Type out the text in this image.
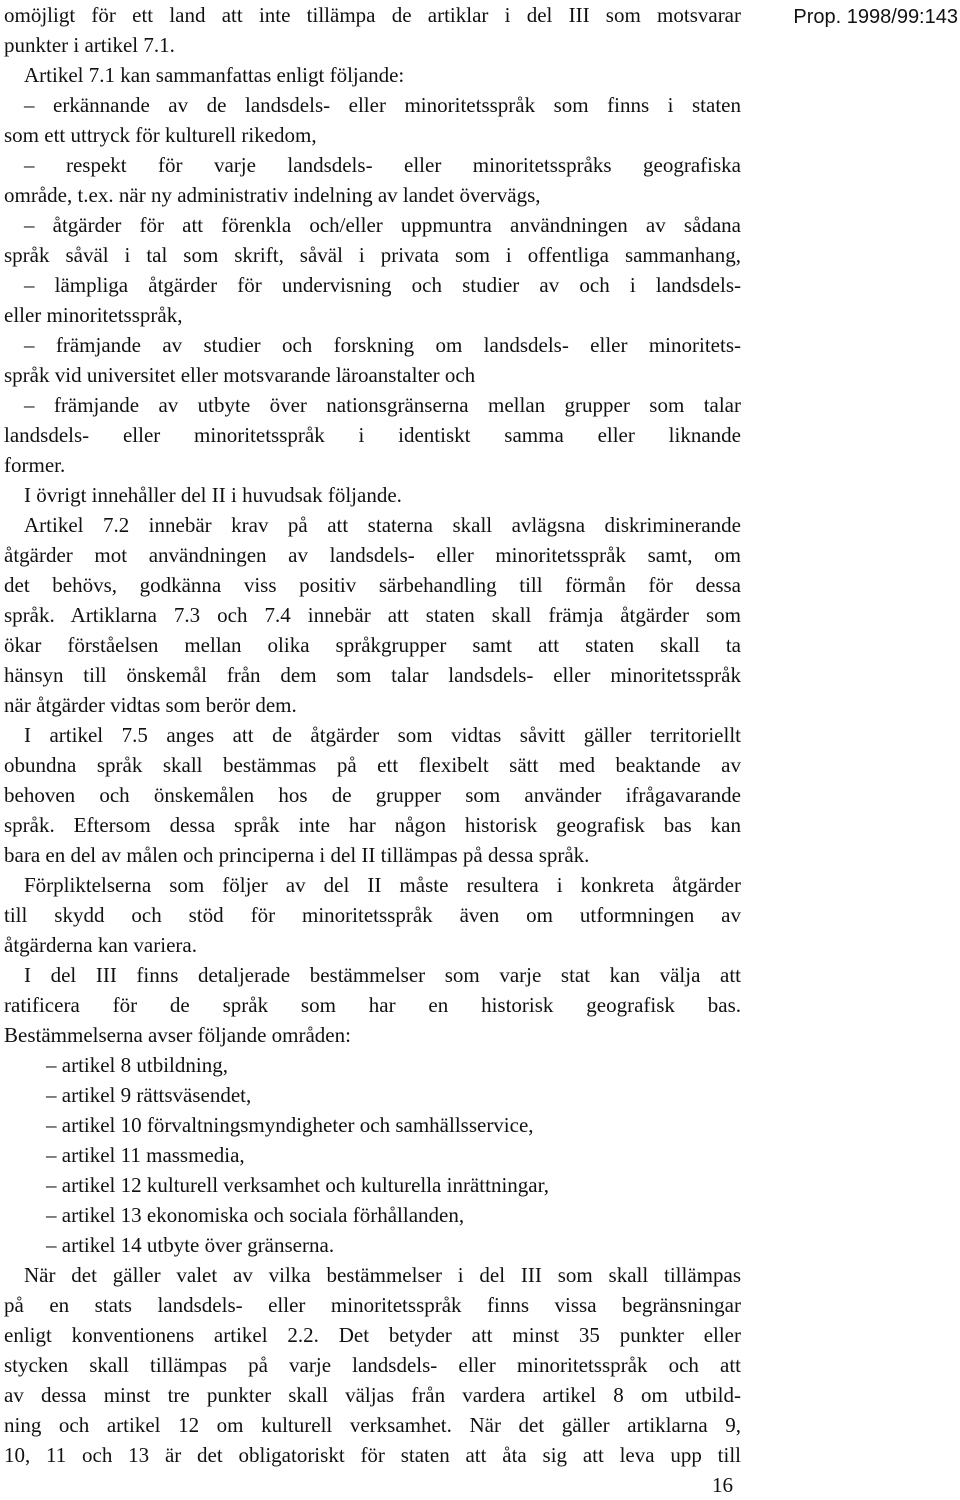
Prop. 1998/99:143
omöjligt för ett land att inte tillämpa de artiklar i del III som motsvarar
punkter i artikel 7.1.
Artikel 7.1 kan sammanfattas enligt följande:
– erkännande av de landsdels- eller minoritetsspråk som finns i staten
som ett uttryck för kulturell rikedom,
– respekt för varje landsdels- eller minoritetsspråks geografiska
område, t.ex. när ny administrativ indelning av landet övervägs,
– åtgärder för att förenkla och/eller uppmuntra användningen av sådana
språk såväl i tal som skrift, såväl i privata som i offentliga sammanhang,
– lämpliga åtgärder för undervisning och studier av och i landsdels-
eller minoritetsspråk,
– främjande av studier och forskning om landsdels- eller minoritets-
språk vid universitet eller motsvarande läroanstalter och
– främjande av utbyte över nationsgränserna mellan grupper som talar
landsdels- eller minoritetsspråk i identiskt samma eller liknande
former.
I övrigt innehåller del II i huvudsak följande.
Artikel 7.2 innebär krav på att staterna skall avlägsna diskriminerande
åtgärder mot användningen av landsdels- eller minoritetsspråk samt, om
det behövs, godkänna viss positiv särbehandling till förmån för dessa
språk. Artiklarna 7.3 och 7.4 innebär att staten skall främja åtgärder som
ökar förståelsen mellan olika språkgrupper samt att staten skall ta
hänsyn till önskemål från dem som talar landsdels- eller minoritetsspråk
när åtgärder vidtas som berör dem.
I artikel 7.5 anges att de åtgärder som vidtas såvitt gäller territoriellt
obundna språk skall bestämmas på ett flexibelt sätt med beaktande av
behoven och önskemålen hos de grupper som använder ifrågavarande
språk. Eftersom dessa språk inte har någon historisk geografisk bas kan
bara en del av målen och principerna i del II tillämpas på dessa språk.
Förpliktelserna som följer av del II måste resultera i konkreta åtgärder
till skydd och stöd för minoritetsspråk även om utformningen av
åtgärderna kan variera.
I del III finns detaljerade bestämmelser som varje stat kan välja att
ratificera för de språk som har en historisk geografisk bas.
Bestämmelserna avser följande områden:
– artikel 8 utbildning,
– artikel 9 rättsväsendet,
– artikel 10 förvaltningsmyndigheter och samhällsservice,
– artikel 11 massmedia,
– artikel 12 kulturell verksamhet och kulturella inrättningar,
– artikel 13 ekonomiska och sociala förhållanden,
– artikel 14 utbyte över gränserna.
När det gäller valet av vilka bestämmelser i del III som skall tillämpas
på en stats landsdels- eller minoritetsspråk finns vissa begränsningar
enligt konventionens artikel 2.2. Det betyder att minst 35 punkter eller
stycken skall tillämpas på varje landsdels- eller minoritetsspråk och att
av dessa minst tre punkter skall väljas från vardera artikel 8 om utbild-
ning och artikel 12 om kulturell verksamhet. När det gäller artiklarna 9,
10, 11 och 13 är det obligatoriskt för staten att åta sig att leva upp till
16
